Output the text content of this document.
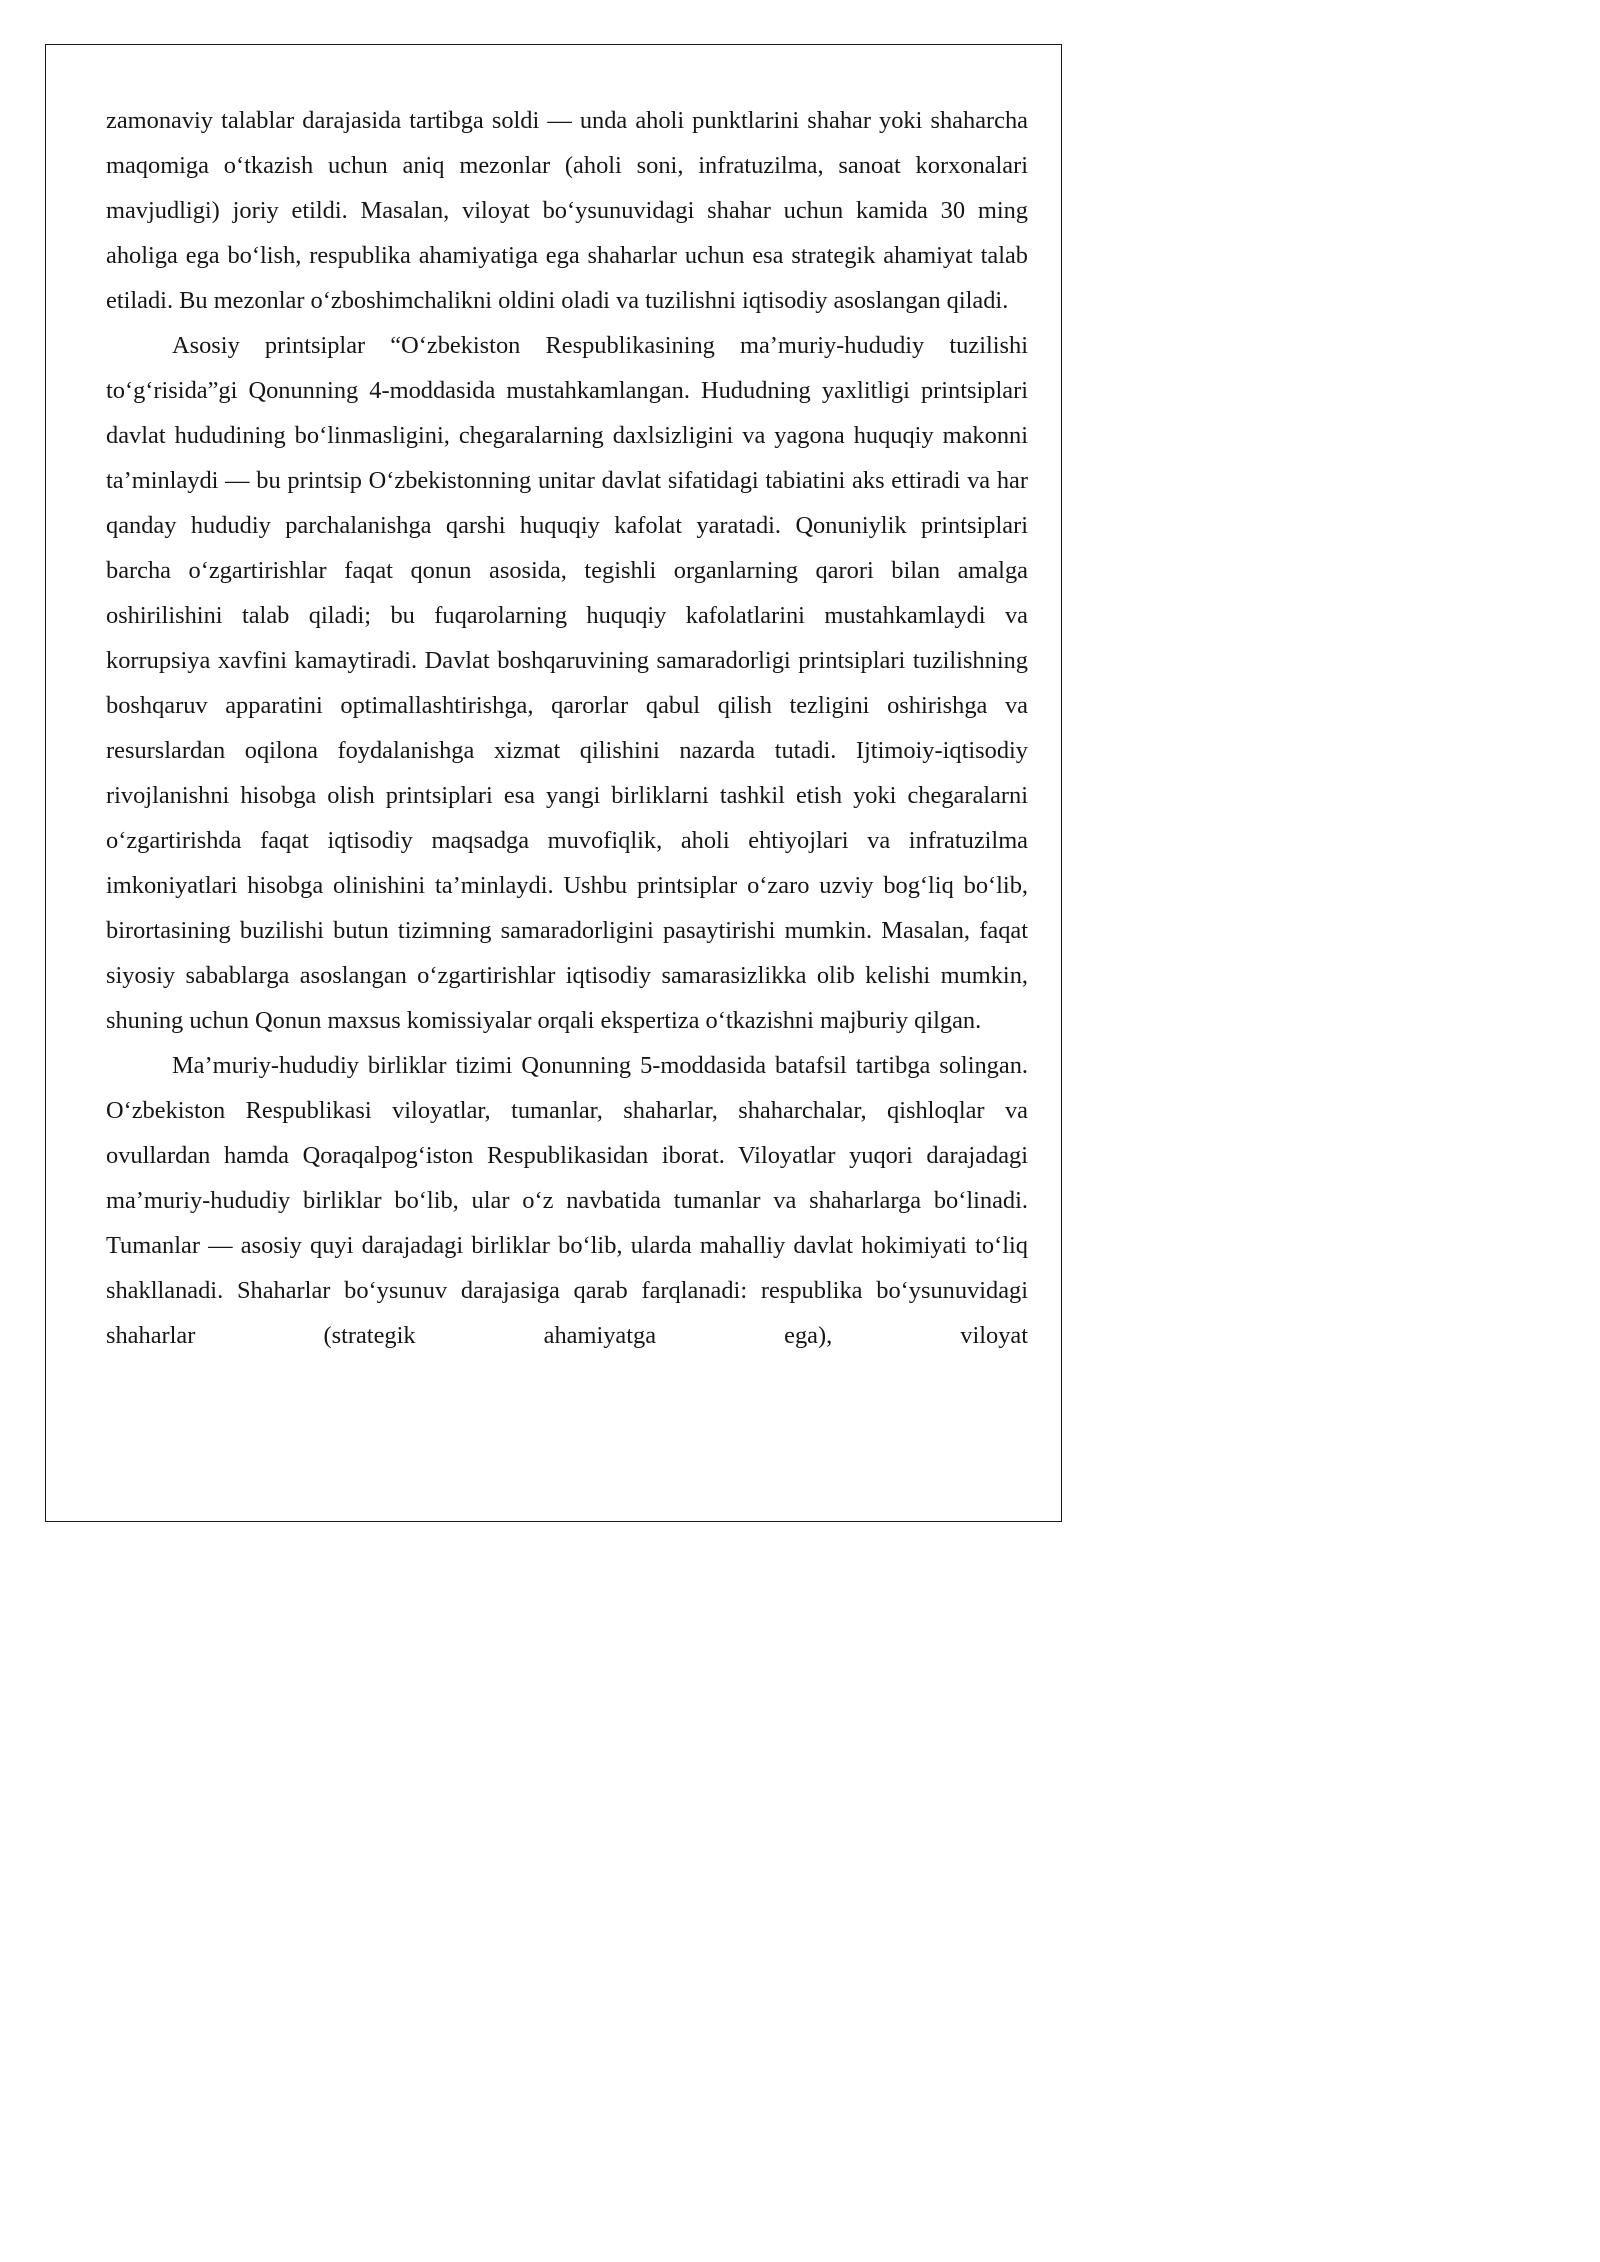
zamonaviy talablar darajasida tartibga soldi — unda aholi punktlarini shahar yoki shaharcha maqomiga o‘tkazish uchun aniq mezonlar (aholi soni, infratuzilma, sanoat korxonalari mavjudligi) joriy etildi. Masalan, viloyat bo‘ysunuvidagi shahar uchun kamida 30 ming aholiga ega bo‘lish, respublika ahamiyatiga ega shaharlar uchun esa strategik ahamiyat talab etiladi. Bu mezonlar o‘zboshimchalikni oldini oladi va tuzilishni iqtisodiy asoslangan qiladi.

Asosiy printsiplar “O‘zbekiston Respublikasining ma’muriy-hududiy tuzilishi to‘g‘risida”gi Qonunning 4-moddasida mustahkamlangan. Hududning yaxlitligi printsiplari davlat hududining bo‘linmasligini, chegaralarning daxlsizligini va yagona huquqiy makonni ta’minlaydi — bu printsip O‘zbekistonning unitar davlat sifatidagi tabiatini aks ettiradi va har qanday hududiy parchalanishga qarshi huquqiy kafolat yaratadi. Qonuniylik printsiplari barcha o‘zgartirishlar faqat qonun asosida, tegishli organlarning qarori bilan amalga oshirilishini talab qiladi; bu fuqarolarning huquqiy kafolatlarini mustahkamlaydi va korrupsiya xavfini kamaytiradi. Davlat boshqaruvining samaradorligi printsiplari tuzilishning boshqaruv apparatini optimallashtirishga, qarorlar qabul qilish tezligini oshirishga va resurslardan oqilona foydalanishga xizmat qilishini nazarda tutadi. Ijtimoiy-iqtisodiy rivojlanishni hisobga olish printsiplari esa yangi birliklarni tashkil etish yoki chegaralarni o‘zgartirishda faqat iqtisodiy maqsadga muvofiqlik, aholi ehtiyojlari va infratuzilma imkoniyatlari hisobga olinishini ta’minlaydi. Ushbu printsiplar o‘zaro uzviy bog‘liq bo‘lib, birortasining buzilishi butun tizimning samaradorligini pasaytirishi mumkin. Masalan, faqat siyosiy sabablarga asoslangan o‘zgartirishlar iqtisodiy samarasizlikka olib kelishi mumkin, shuning uchun Qonun maxsus komissiyalar orqali ekspertiza o‘tkazishni majburiy qilgan.

Ma’muriy-hududiy birliklar tizimi Qonunning 5-moddasida batafsil tartibga solingan. O‘zbekiston Respublikasi viloyatlar, tumanlar, shaharlar, shaharchalar, qishloqlar va ovullardan hamda Qoraqalpog‘iston Respublikasidan iborat. Viloyatlar yuqori darajadagi ma’muriy-hududiy birliklar bo‘lib, ular o‘z navbatida tumanlar va shaharlarga bo‘linadi. Tumanlar — asosiy quyi darajadagi birliklar bo‘lib, ularda mahalliy davlat hokimiyati to‘liq shakllanadi. Shaharlar bo‘ysunuv darajasiga qarab farqlanadi: respublika bo‘ysunuvidagi shaharlar (strategik ahamiyatga ega), viloyat
